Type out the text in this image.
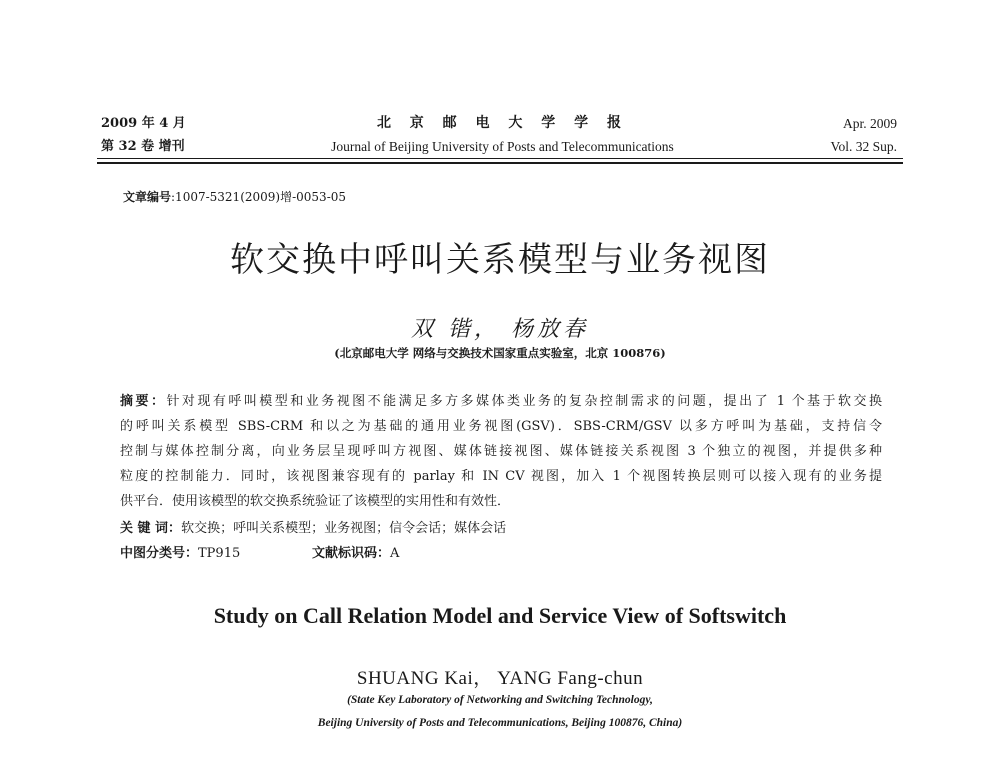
2009 年 4 月
第 32 卷 增刊
北 京 邮 电 大 学 学 报
Journal of Beijing University of Posts and Telecommunications
Apr. 2009
Vol. 32 Sup.
文章编号:1007-5321(2009)增-0053-05
软交换中呼叫关系模型与业务视图
双 锴， 杨放春
(北京邮电大学 网络与交换技术国家重点实验室，北京 100876)
摘要：针对现有呼叫模型和业务视图不能满足多方多媒体类业务的复杂控制需求的问题，提出了 1 个基于软交换
的呼叫关系模型 SBS-CRM 和以之为基础的通用业务视图(GSV)．SBS-CRM/GSV 以多方呼叫为基础，支持信令
控制与媒体控制分离，向业务层呈现呼叫方视图、媒体链接视图、媒体链接关系视图 3 个独立的视图，并提供多种
粒度的控制能力．同时，该视图兼容现有的 parlay 和 IN CV 视图，加入 1 个视图转换层则可以接入现有的业务提
供平台．使用该模型的软交换系统验证了该模型的实用性和有效性．
关 键 词：软交换；呼叫关系模型；业务视图；信令会话；媒体会话
中图分类号：TP915	文献标识码：A
Study on Call Relation Model and Service View of Softswitch
SHUANG Kai， YANG Fang-chun
(State Key Laboratory of Networking and Switching Technology,
Beijing University of Posts and Telecommunications, Beijing 100876, China)
